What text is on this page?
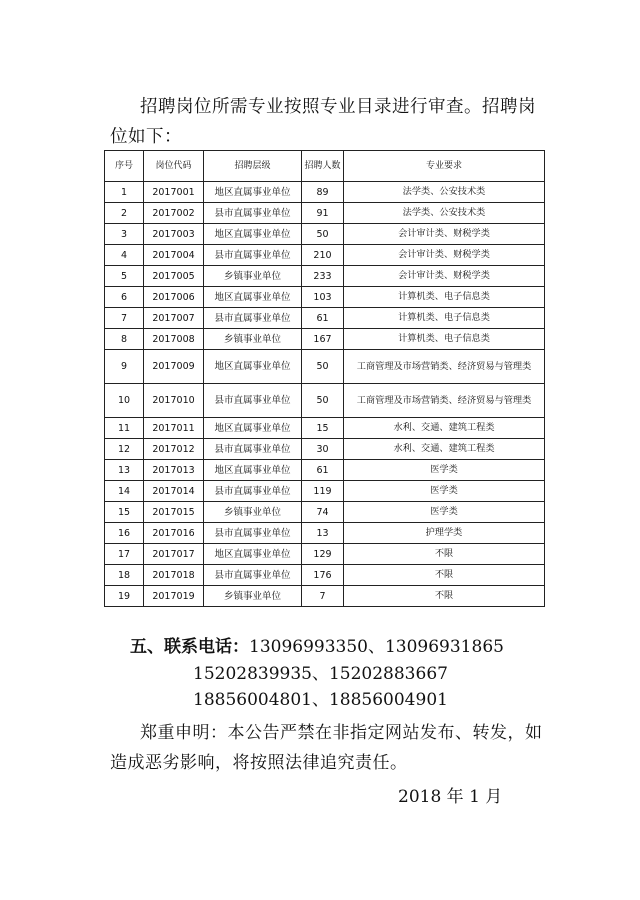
招聘岗位所需专业按照专业目录进行审查。招聘岗位如下：

序号	岗位代码	招聘层级	招聘人数	专业要求
1	2017001	地区直属事业单位	89	法学类、公安技术类
2	2017002	县市直属事业单位	91	法学类、公安技术类
3	2017003	地区直属事业单位	50	会计审计类、财税学类
4	2017004	县市直属事业单位	210	会计审计类、财税学类
5	2017005	乡镇事业单位	233	会计审计类、财税学类
6	2017006	地区直属事业单位	103	计算机类、电子信息类
7	2017007	县市直属事业单位	61	计算机类、电子信息类
8	2017008	乡镇事业单位	167	计算机类、电子信息类
9	2017009	地区直属事业单位	50	工商管理及市场营销类、经济贸易与管理类
10	2017010	县市直属事业单位	50	工商管理及市场营销类、经济贸易与管理类
11	2017011	地区直属事业单位	15	水利、交通、建筑工程类
12	2017012	县市直属事业单位	30	水利、交通、建筑工程类
13	2017013	地区直属事业单位	61	医学类
14	2017014	县市直属事业单位	119	医学类
15	2017015	乡镇事业单位	74	医学类
16	2017016	县市直属事业单位	13	护理学类
17	2017017	地区直属事业单位	129	不限
18	2017018	县市直属事业单位	176	不限
19	2017019	乡镇事业单位	7	不限

五、联系电话：13096993350、13096931865
15202839935、15202883667
18856004801、18856004901

郑重申明：本公告严禁在非指定网站发布、转发，如造成恶劣影响，将按照法律追究责任。

2018 年 1 月
